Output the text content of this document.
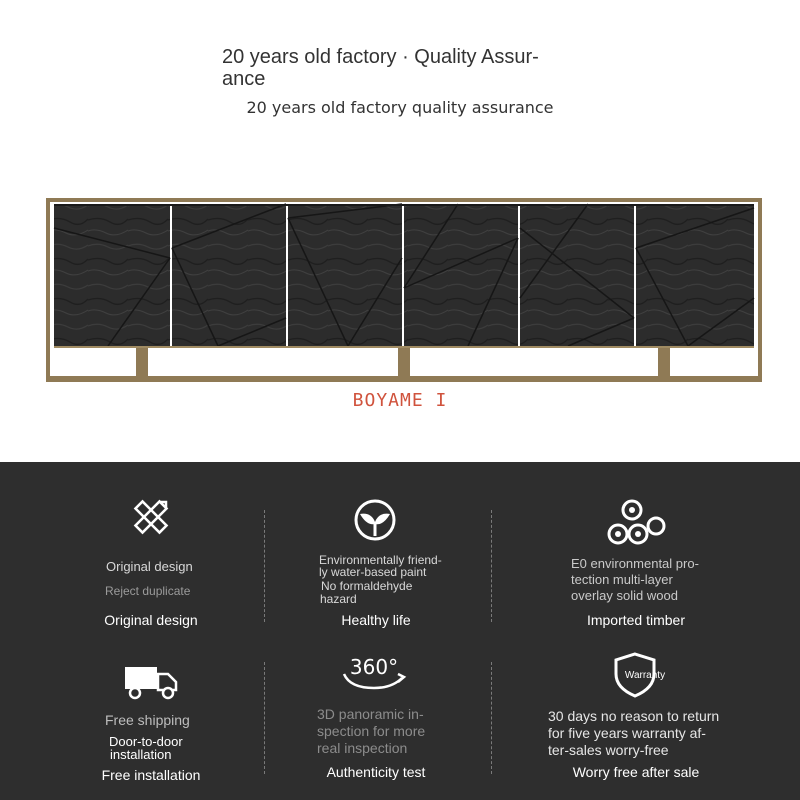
20 years old factory · Quality Assur-
ance
20 years old factory quality assurance
BOYAME I
Original design
Reject duplicate
Original design
Environmentally friend-
ly water-based paint
No formaldehyde
hazard
Healthy life
E0 environmental pro-
tection multi-layer
overlay solid wood
Imported timber
Free shipping
Door-to-door
installation
Free installation
360°
3D panoramic in-
spection for more
real inspection
Authenticity test
Warranty
30 days no reason to return
for five years warranty af-
ter-sales worry-free
Worry free after sale
